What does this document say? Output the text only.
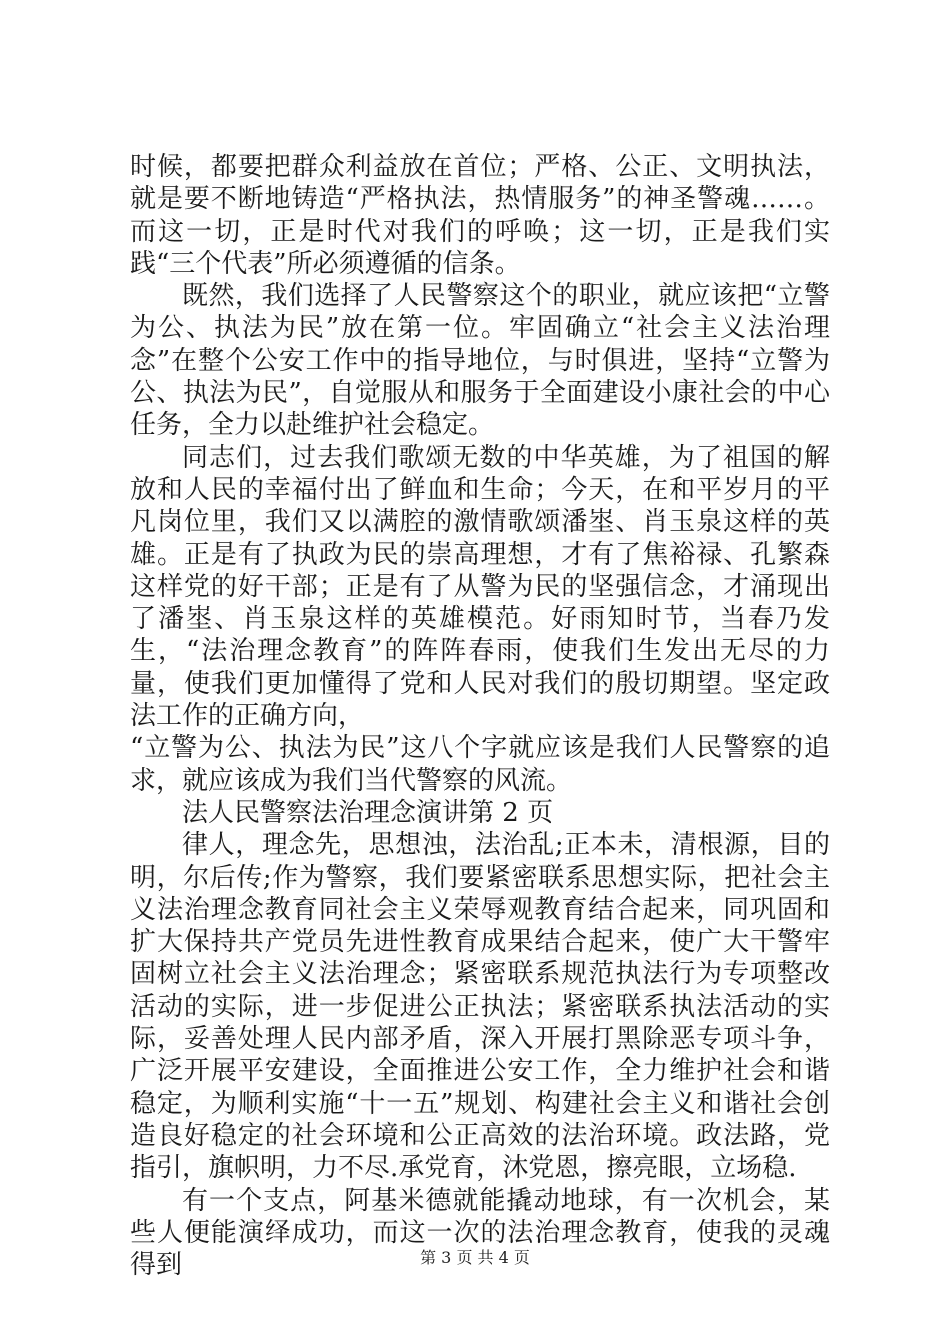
时候，都要把群众利益放在首位；严格、公正、文明执法，就是要不断地铸造“严格执法，热情服务”的神圣警魂……。而这一切，正是时代对我们的呼唤；这一切，正是我们实践“三个代表”所必须遵循的信条。

既然，我们选择了人民警察这个的职业，就应该把“立警为公、执法为民”放在第一位。牢固确立“社会主义法治理念”在整个公安工作中的指导地位，与时俱进，坚持“立警为公、执法为民”，自觉服从和服务于全面建设小康社会的中心任务，全力以赴维护社会稳定。

同志们，过去我们歌颂无数的中华英雄，为了祖国的解放和人民的幸福付出了鲜血和生命；今天，在和平岁月的平凡岗位里，我们又以满腔的激情歌颂潘埊、肖玉泉这样的英雄。正是有了执政为民的崇高理想，才有了焦裕禄、孔繁森这样党的好干部；正是有了从警为民的坚强信念，才涌现出了潘埊、肖玉泉这样的英雄模范。好雨知时节，当春乃发生，“法治理念教育”的阵阵春雨，使我们生发出无尽的力量，使我们更加懂得了党和人民对我们的殷切期望。坚定政法工作的正确方向，

“立警为公、执法为民”这八个字就应该是我们人民警察的追求，就应该成为我们当代警察的风流。

法人民警察法治理念演讲第 2 页

律人，理念先，思想浊，法治乱;正本未，清根源，目的明，尔后传;作为警察，我们要紧密联系思想实际，把社会主义法治理念教育同社会主义荣辱观教育结合起来，同巩固和扩大保持共产党员先进性教育成果结合起来，使广大干警牢固树立社会主义法治理念；紧密联系规范执法行为专项整改活动的实际，进一步促进公正执法；紧密联系执法活动的实际，妥善处理人民内部矛盾，深入开展打黑除恶专项斗争，广泛开展平安建设，全面推进公安工作，全力维护社会和谐稳定，为顺利实施“十一五”规划、构建社会主义和谐社会创造良好稳定的社会环境和公正高效的法治环境。政法路，党指引，旗帜明，力不尽.承党育，沐党恩，擦亮眼，立场稳.

有一个支点，阿基米德就能撬动地球，有一次机会，某些人便能演绎成功，而这一次的法治理念教育，使我的灵魂得到	第 3 页 共 4 页
